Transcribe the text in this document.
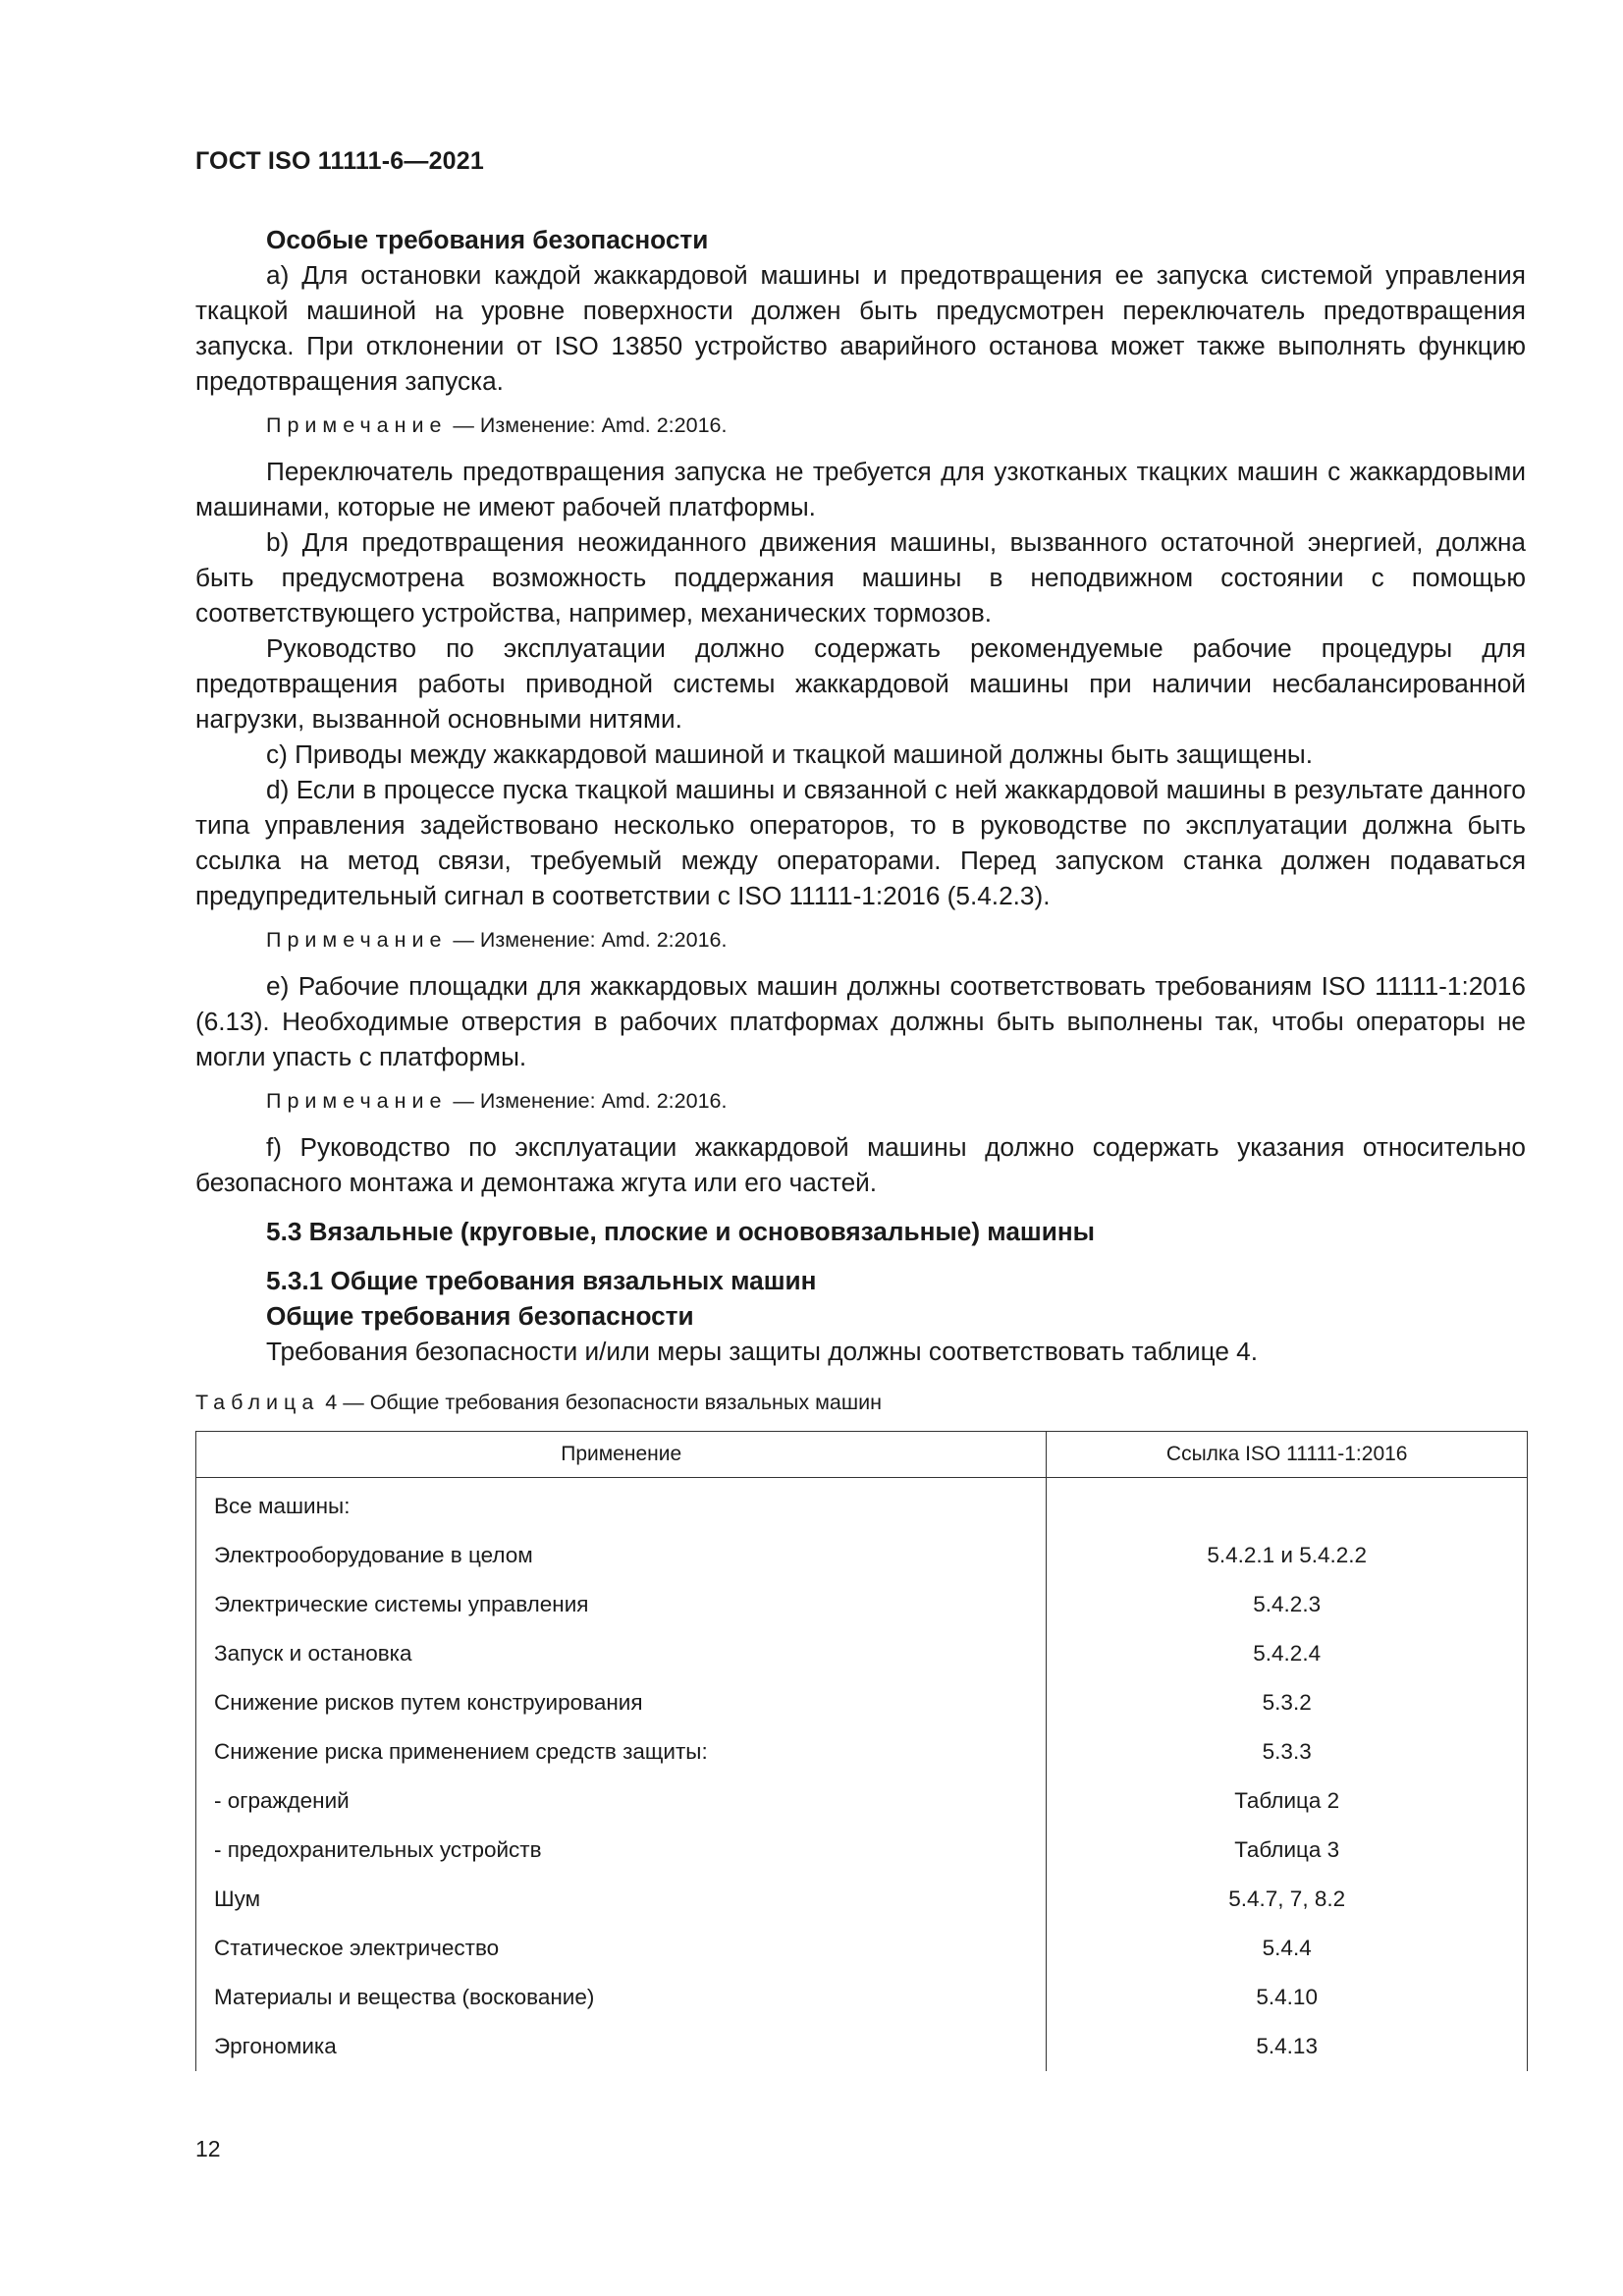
ГОСТ ISO 11111-6—2021

Особые требования безопасности

a) Для остановки каждой жаккардовой машины и предотвращения ее запуска системой управления ткацкой машиной на уровне поверхности должен быть предусмотрен переключатель предотвращения запуска. При отклонении от ISO 13850 устройство аварийного останова может также выполнять функцию предотвращения запуска.

Примечание — Изменение: Amd. 2:2016.

Переключатель предотвращения запуска не требуется для узкотканых ткацких машин с жаккардовыми машинами, которые не имеют рабочей платформы.

b) Для предотвращения неожиданного движения машины, вызванного остаточной энергией, должна быть предусмотрена возможность поддержания машины в неподвижном состоянии с помощью соответствующего устройства, например, механических тормозов.

Руководство по эксплуатации должно содержать рекомендуемые рабочие процедуры для предотвращения работы приводной системы жаккардовой машины при наличии несбалансированной нагрузки, вызванной основными нитями.

c) Приводы между жаккардовой машиной и ткацкой машиной должны быть защищены.

d) Если в процессе пуска ткацкой машины и связанной с ней жаккардовой машины в результате данного типа управления задействовано несколько операторов, то в руководстве по эксплуатации должна быть ссылка на метод связи, требуемый между операторами. Перед запуском станка должен подаваться предупредительный сигнал в соответствии с ISO 11111-1:2016 (5.4.2.3).

Примечание — Изменение: Amd. 2:2016.

e) Рабочие площадки для жаккардовых машин должны соответствовать требованиям ISO 11111-1:2016 (6.13). Необходимые отверстия в рабочих платформах должны быть выполнены так, чтобы операторы не могли упасть с платформы.

Примечание — Изменение: Amd. 2:2016.

f) Руководство по эксплуатации жаккардовой машины должно содержать указания относительно безопасного монтажа и демонтажа жгута или его частей.

5.3 Вязальные (круговые, плоские и основовязальные) машины

5.3.1 Общие требования вязальных машин

Общие требования безопасности

Требования безопасности и/или меры защиты должны соответствовать таблице 4.

Таблица 4 — Общие требования безопасности вязальных машин
Применение	Ссылка ISO 11111-1:2016
Все машины:	
Электрооборудование в целом	5.4.2.1 и 5.4.2.2
Электрические системы управления	5.4.2.3
Запуск и остановка	5.4.2.4
Снижение рисков путем конструирования	5.3.2
Снижение риска применением средств защиты:	5.3.3
- ограждений	Таблица 2
- предохранительных устройств	Таблица 3
Шум	5.4.7, 7, 8.2
Статическое электричество	5.4.4
Материалы и вещества (воскование)	5.4.10
Эргономика	5.4.13
12
